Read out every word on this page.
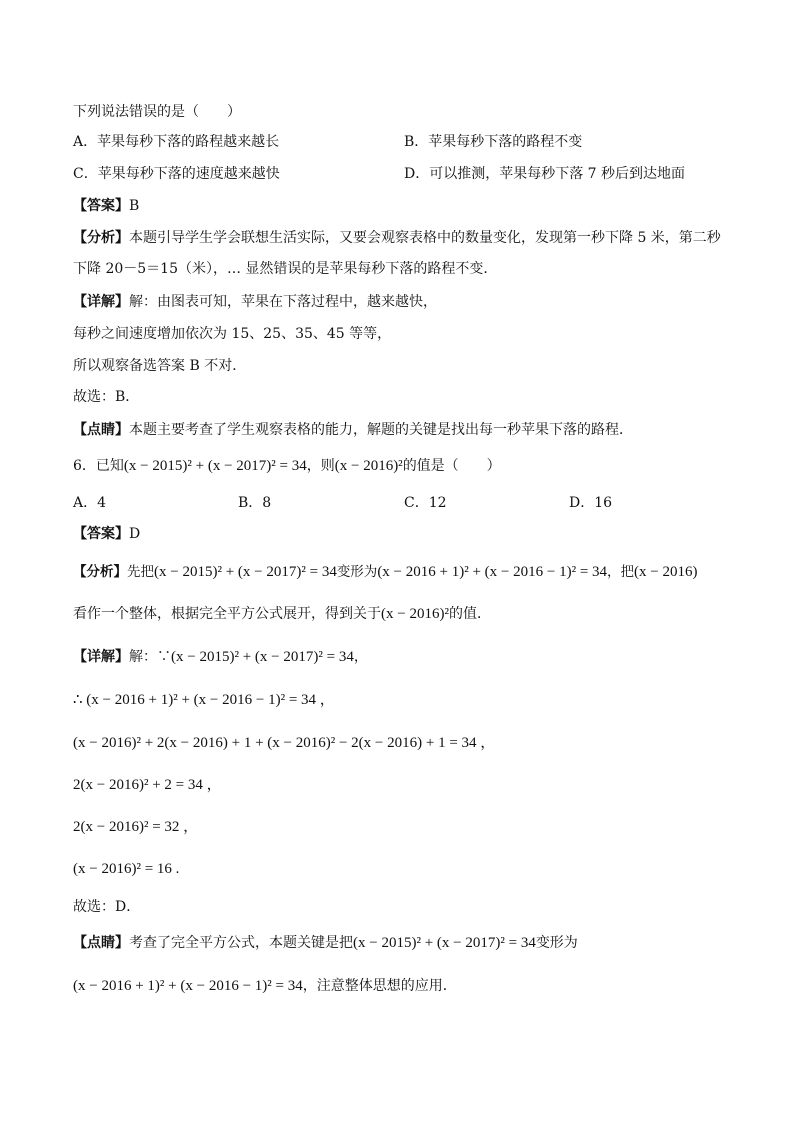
下列说法错误的是（　　）
A．苹果每秒下落的路程越来越长	B．苹果每秒下落的路程不变
C．苹果每秒下落的速度越来越快	D．可以推测，苹果每秒下落 7 秒后到达地面
【答案】B
【分析】本题引导学生学会联想生活实际，又要会观察表格中的数量变化，发现第一秒下降 5 米，第二秒
下降 20－5＝15（米），… 显然错误的是苹果每秒下落的路程不变．
【详解】解：由图表可知，苹果在下落过程中，越来越快，
每秒之间速度增加依次为 15、25、35、45 等等，
所以观察备选答案 B 不对．
故选：B．
【点睛】本题主要考查了学生观察表格的能力，解题的关键是找出每一秒苹果下落的路程．
6．已知(x − 2015)² + (x − 2017)² = 34，则(x − 2016)²的值是（　　）
A．4	B．8	C．12	D．16
【答案】D
【分析】先把(x − 2015)² + (x − 2017)² = 34变形为(x − 2016 + 1)² + (x − 2016 − 1)² = 34，把(x − 2016)
看作一个整体，根据完全平方公式展开，得到关于(x − 2016)²的值．
【详解】解：∵(x − 2015)² + (x − 2017)² = 34，
∴ (x − 2016 + 1)² + (x − 2016 − 1)² = 34 ，
(x − 2016)² + 2(x − 2016) + 1 + (x − 2016)² − 2(x − 2016) + 1 = 34 ，
2(x − 2016)² + 2 = 34 ，
2(x − 2016)² = 32 ，
(x − 2016)² = 16 .
故选：D．
【点睛】考查了完全平方公式，本题关键是把(x − 2015)² + (x − 2017)² = 34变形为
(x − 2016 + 1)² + (x − 2016 − 1)² = 34，注意整体思想的应用．
